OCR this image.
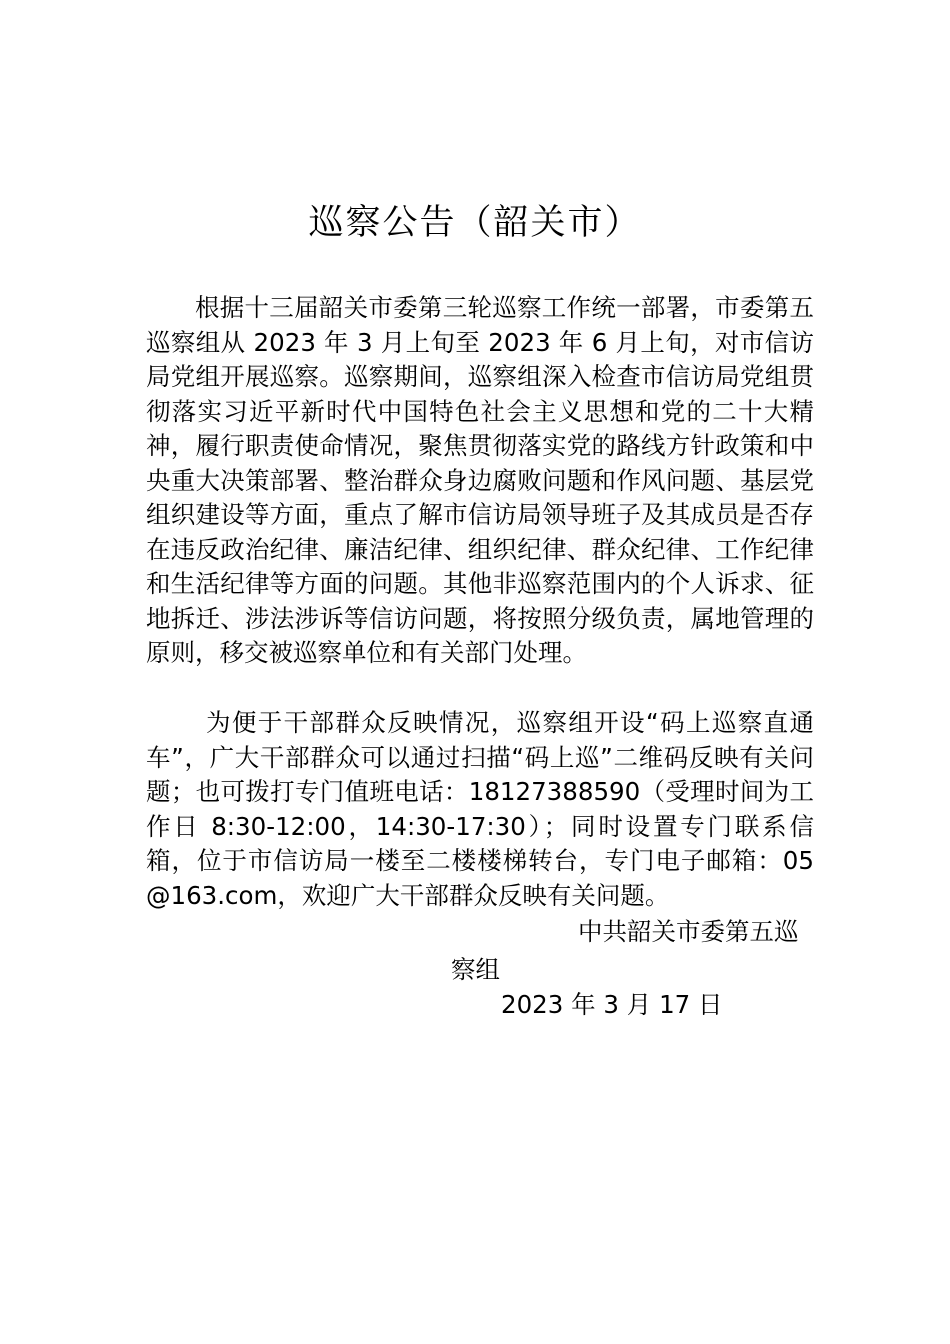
巡察公告（韶关市）
根据十三届韶关市委第三轮巡察工作统一部署，市委第五巡察组从 2023 年 3 月上旬至 2023 年 6 月上旬，对市信访局党组开展巡察。巡察期间，巡察组深入检查市信访局党组贯彻落实习近平新时代中国特色社会主义思想和党的二十大精神，履行职责使命情况，聚焦贯彻落实党的路线方针政策和中央重大决策部署、整治群众身边腐败问题和作风问题、基层党组织建设等方面，重点了解市信访局领导班子及其成员是否存在违反政治纪律、廉洁纪律、组织纪律、群众纪律、工作纪律和生活纪律等方面的问题。其他非巡察范围内的个人诉求、征地拆迁、涉法涉诉等信访问题，将按照分级负责，属地管理的原则，移交被巡察单位和有关部门处理。
为便于干部群众反映情况，巡察组开设“码上巡察直通车”，广大干部群众可以通过扫描“码上巡”二维码反映有关问题；也可拨打专门值班电话：18127388590（受理时间为工作日 8:30-12:00，14:30-17:30）；同时设置专门联系信箱，位于市信访局一楼至二楼楼梯转台，专门电子邮箱：05@163.com，欢迎广大干部群众反映有关问题。
中共韶关市委第五巡
察组
2023 年 3 月 17 日
